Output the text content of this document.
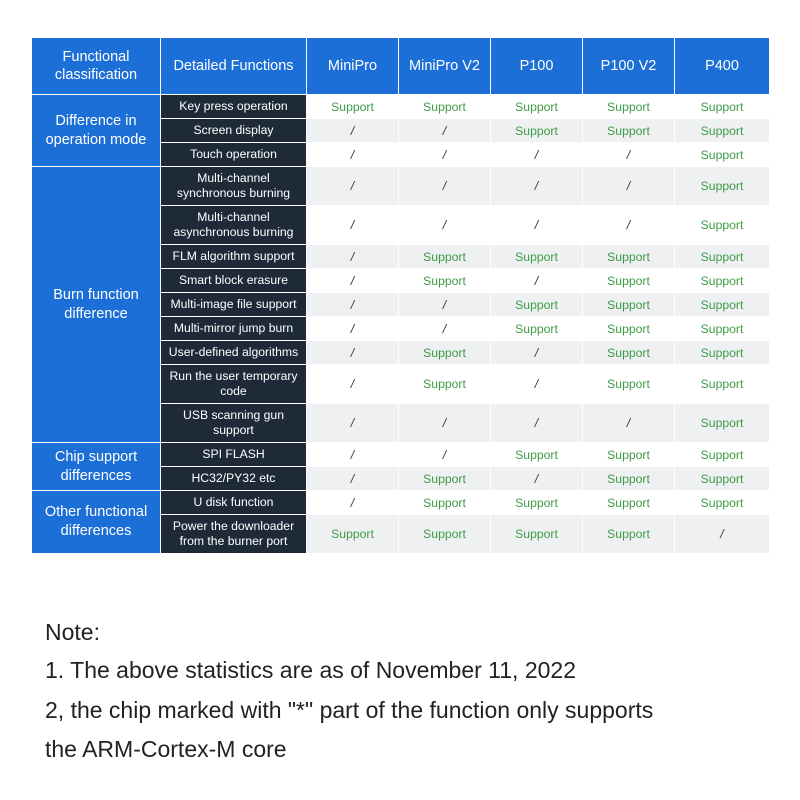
Functional classification	Detailed Functions	MiniPro	MiniPro V2	P100	P100 V2	P400
Difference in operation mode	Key press operation	Support	Support	Support	Support	Support
	Screen display	/	/	Support	Support	Support
	Touch operation	/	/	/	/	Support
Burn function difference	Multi-channel synchronous burning	/	/	/	/	Support
	Multi-channel asynchronous burning	/	/	/	/	Support
	FLM algorithm support	/	Support	Support	Support	Support
	Smart block erasure	/	Support	/	Support	Support
	Multi-image file support	/	/	Support	Support	Support
	Multi-mirror jump burn	/	/	Support	Support	Support
	User-defined algorithms	/	Support	/	Support	Support
	Run the user temporary code	/	Support	/	Support	Support
	USB scanning gun support	/	/	/	/	Support
Chip support differences	SPI FLASH	/	/	Support	Support	Support
	HC32/PY32 etc	/	Support	/	Support	Support
Other functional differences	U disk function	/	Support	Support	Support	Support
	Power the downloader from the burner port	Support	Support	Support	Support	/
Note:
1. The above statistics are as of November 11, 2022
2, the chip marked with "*" part of the function only supports
the ARM-Cortex-M core
